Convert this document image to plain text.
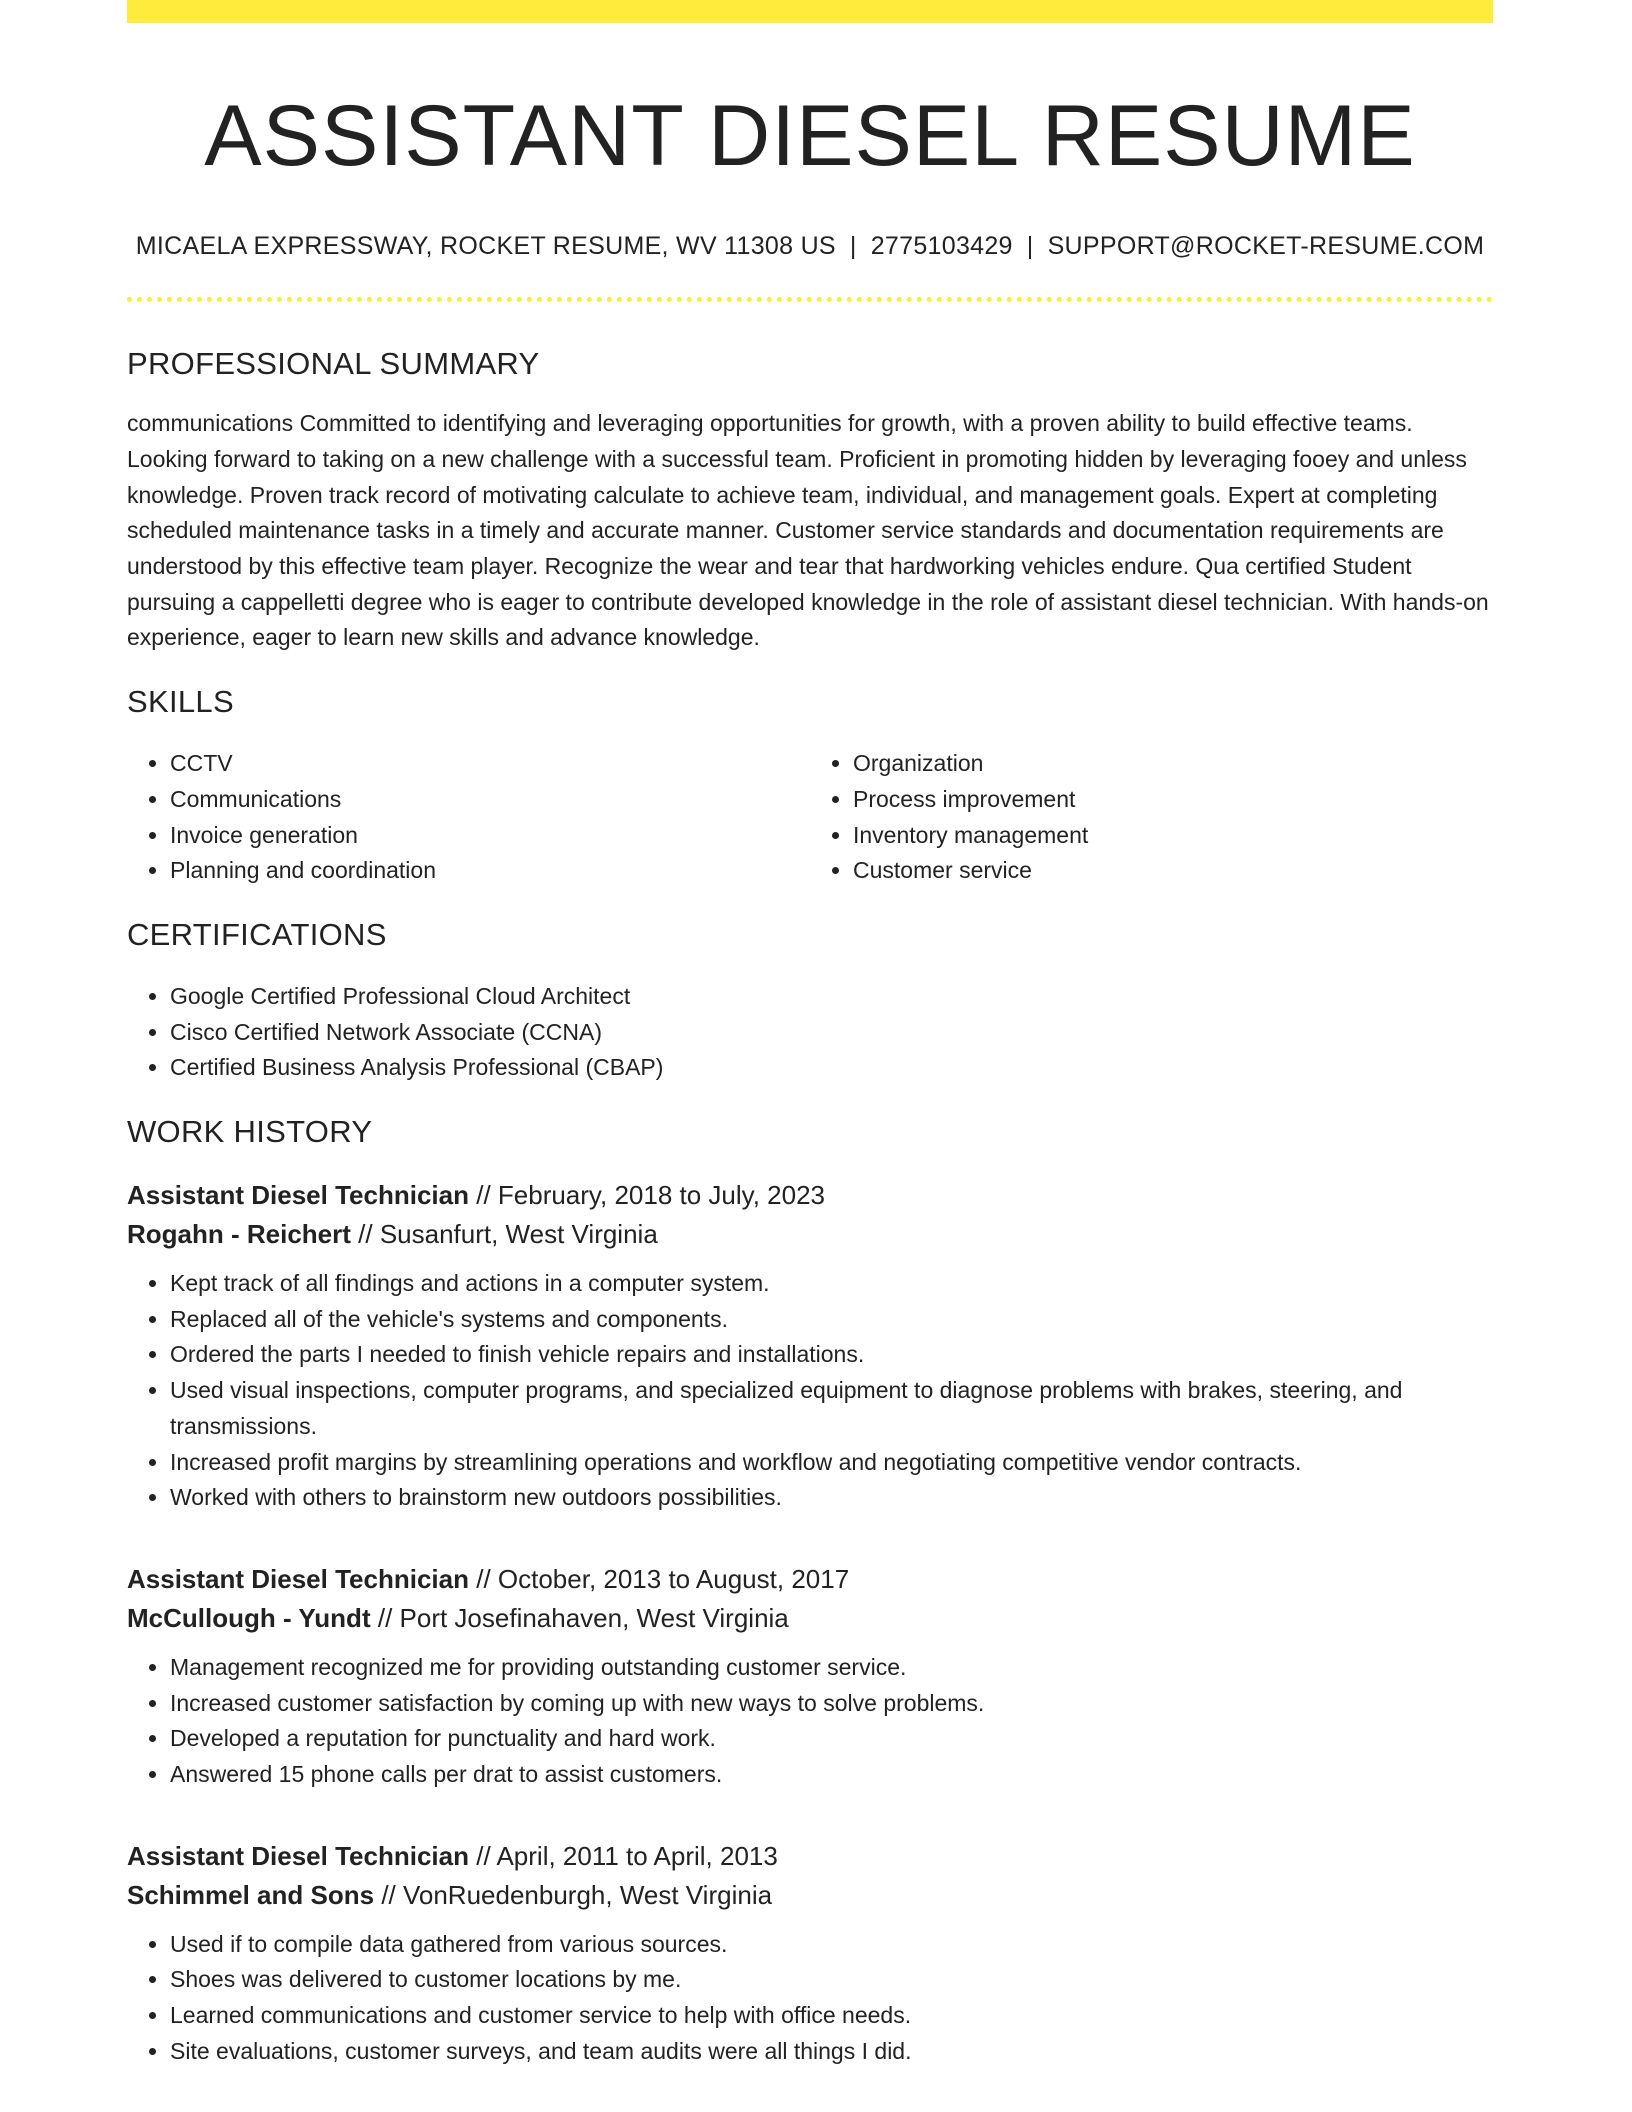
ASSISTANT DIESEL RESUME
MICAELA EXPRESSWAY, ROCKET RESUME, WV 11308 US | 2775103429 | SUPPORT@ROCKET-RESUME.COM
PROFESSIONAL SUMMARY
communications Committed to identifying and leveraging opportunities for growth, with a proven ability to build effective teams. Looking forward to taking on a new challenge with a successful team. Proficient in promoting hidden by leveraging fooey and unless knowledge. Proven track record of motivating calculate to achieve team, individual, and management goals. Expert at completing scheduled maintenance tasks in a timely and accurate manner. Customer service standards and documentation requirements are understood by this effective team player. Recognize the wear and tear that hardworking vehicles endure. Qua certified Student pursuing a cappelletti degree who is eager to contribute developed knowledge in the role of assistant diesel technician. With hands-on experience, eager to learn new skills and advance knowledge.
SKILLS
• CCTV
• Communications
• Invoice generation
• Planning and coordination
• Organization
• Process improvement
• Inventory management
• Customer service
CERTIFICATIONS
• Google Certified Professional Cloud Architect
• Cisco Certified Network Associate (CCNA)
• Certified Business Analysis Professional (CBAP)
WORK HISTORY
Assistant Diesel Technician // February, 2018 to July, 2023
Rogahn - Reichert // Susanfurt, West Virginia
• Kept track of all findings and actions in a computer system.
• Replaced all of the vehicle's systems and components.
• Ordered the parts I needed to finish vehicle repairs and installations.
• Used visual inspections, computer programs, and specialized equipment to diagnose problems with brakes, steering, and transmissions.
• Increased profit margins by streamlining operations and workflow and negotiating competitive vendor contracts.
• Worked with others to brainstorm new outdoors possibilities.
Assistant Diesel Technician // October, 2013 to August, 2017
McCullough - Yundt // Port Josefinahaven, West Virginia
• Management recognized me for providing outstanding customer service.
• Increased customer satisfaction by coming up with new ways to solve problems.
• Developed a reputation for punctuality and hard work.
• Answered 15 phone calls per drat to assist customers.
Assistant Diesel Technician // April, 2011 to April, 2013
Schimmel and Sons // VonRuedenburgh, West Virginia
• Used if to compile data gathered from various sources.
• Shoes was delivered to customer locations by me.
• Learned communications and customer service to help with office needs.
• Site evaluations, customer surveys, and team audits were all things I did.
